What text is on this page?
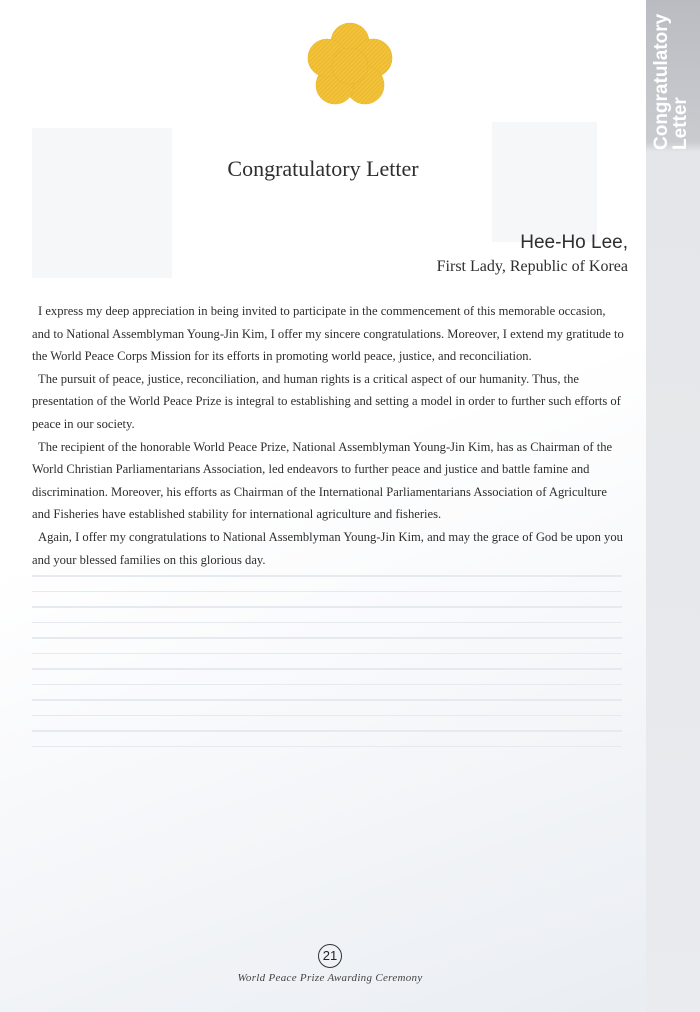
Congratulatory
Letter
Congratulatory Letter
Hee-Ho Lee,
First Lady, Republic of Korea

I express my deep appreciation in being invited to participate in the commencement of this memorable occasion, and to National Assemblyman Young-Jin Kim, I offer my sincere congratulations. Moreover, I extend my gratitude to the World Peace Corps Mission for its efforts in promoting world peace, justice, and reconciliation.

The pursuit of peace, justice, reconciliation, and human rights is a critical aspect of our humanity. Thus, the presentation of the World Peace Prize is integral to establishing and setting a model in order to further such efforts of peace in our society.

The recipient of the honorable World Peace Prize, National Assemblyman Young-Jin Kim, has as Chairman of the World Christian Parliamentarians Association, led endeavors to further peace and justice and battle famine and discrimination. Moreover, his efforts as Chairman of the International Parliamentarians Association of Agriculture and Fisheries have established stability for international agriculture and fisheries.

Again, I offer my congratulations to National Assemblyman Young-Jin Kim, and may the grace of God be upon you and your blessed families on this glorious day.

21
World Peace Prize Awarding Ceremony
